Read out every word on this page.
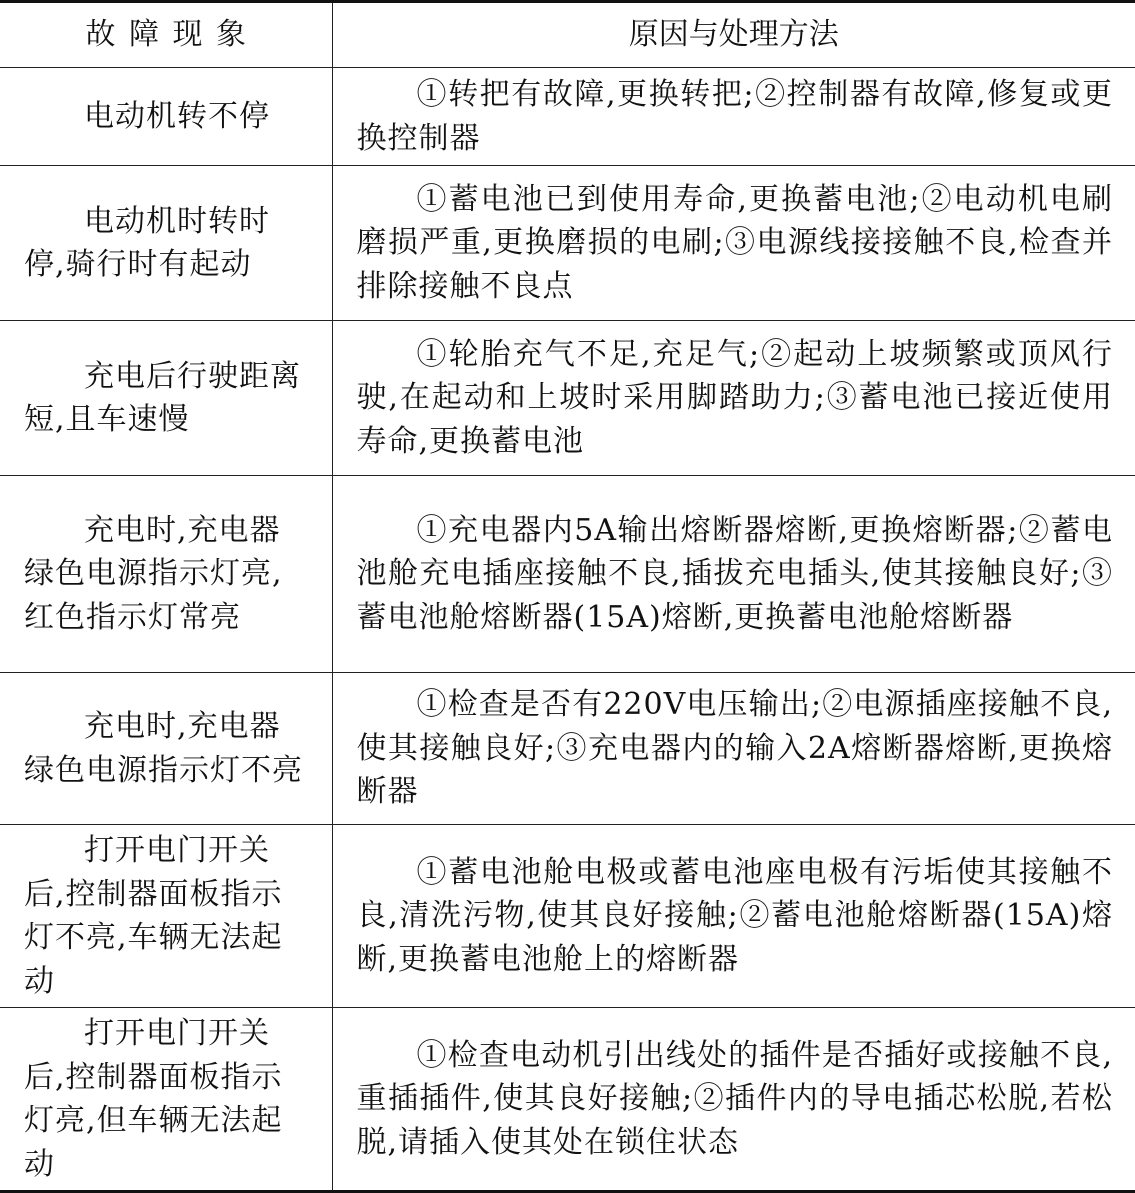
故障现象	原因与处理方法
电动机转不停	①转把有故障,更换转把;②控制器有故障,修复或更换控制器
电动机时转时停,骑行时有起动	①蓄电池已到使用寿命,更换蓄电池;②电动机电刷磨损严重,更换磨损的电刷;③电源线接接触不良,检查并排除接触不良点
充电后行驶距离短,且车速慢	①轮胎充气不足,充足气;②起动上坡频繁或顶风行驶,在起动和上坡时采用脚踏助力;③蓄电池已接近使用寿命,更换蓄电池
充电时,充电器绿色电源指示灯亮,红色指示灯常亮	①充电器内5A输出熔断器熔断,更换熔断器;②蓄电池舱充电插座接触不良,插拔充电插头,使其接触良好;③蓄电池舱熔断器(15A)熔断,更换蓄电池舱熔断器
充电时,充电器绿色电源指示灯不亮	①检查是否有220V电压输出;②电源插座接触不良,使其接触良好;③充电器内的输入2A熔断器熔断,更换熔断器
打开电门开关后,控制器面板指示灯不亮,车辆无法起动	①蓄电池舱电极或蓄电池座电极有污垢使其接触不良,清洗污物,使其良好接触;②蓄电池舱熔断器(15A)熔断,更换蓄电池舱上的熔断器
打开电门开关后,控制器面板指示灯亮,但车辆无法起动	①检查电动机引出线处的插件是否插好或接触不良,重插插件,使其良好接触;②插件内的导电插芯松脱,若松脱,请插入使其处在锁住状态
